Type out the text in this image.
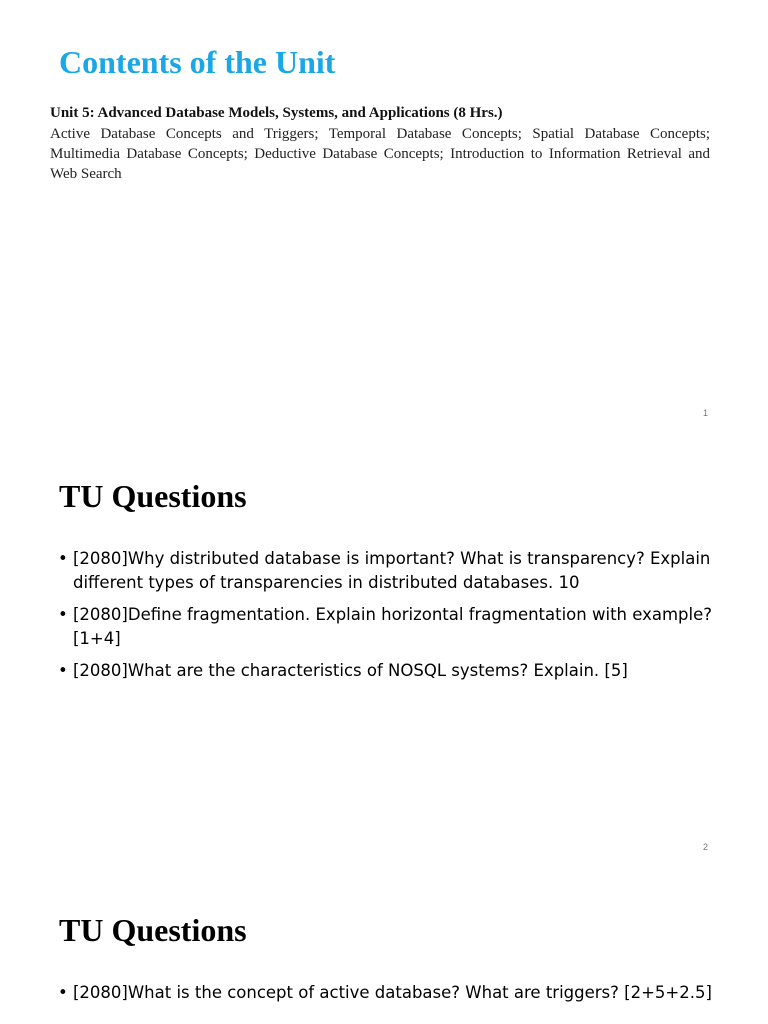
Contents of the Unit

Unit 5: Advanced Database Models, Systems, and Applications (8 Hrs.)

Active Database Concepts and Triggers; Temporal Database Concepts; Spatial Database Concepts; Multimedia Database Concepts; Deductive Database Concepts; Introduction to Information Retrieval and Web Search

1
TU Questions
• [2080]Why distributed database is important? What is transparency? Explain different types of transparencies in distributed databases. 10
• [2080]Define fragmentation. Explain horizontal fragmentation with example? [1+4]
• [2080]What are the characteristics of NOSQL systems? Explain. [5]
2
TU Questions
• [2080]What is the concept of active database? What are triggers? [2+5+2.5]
